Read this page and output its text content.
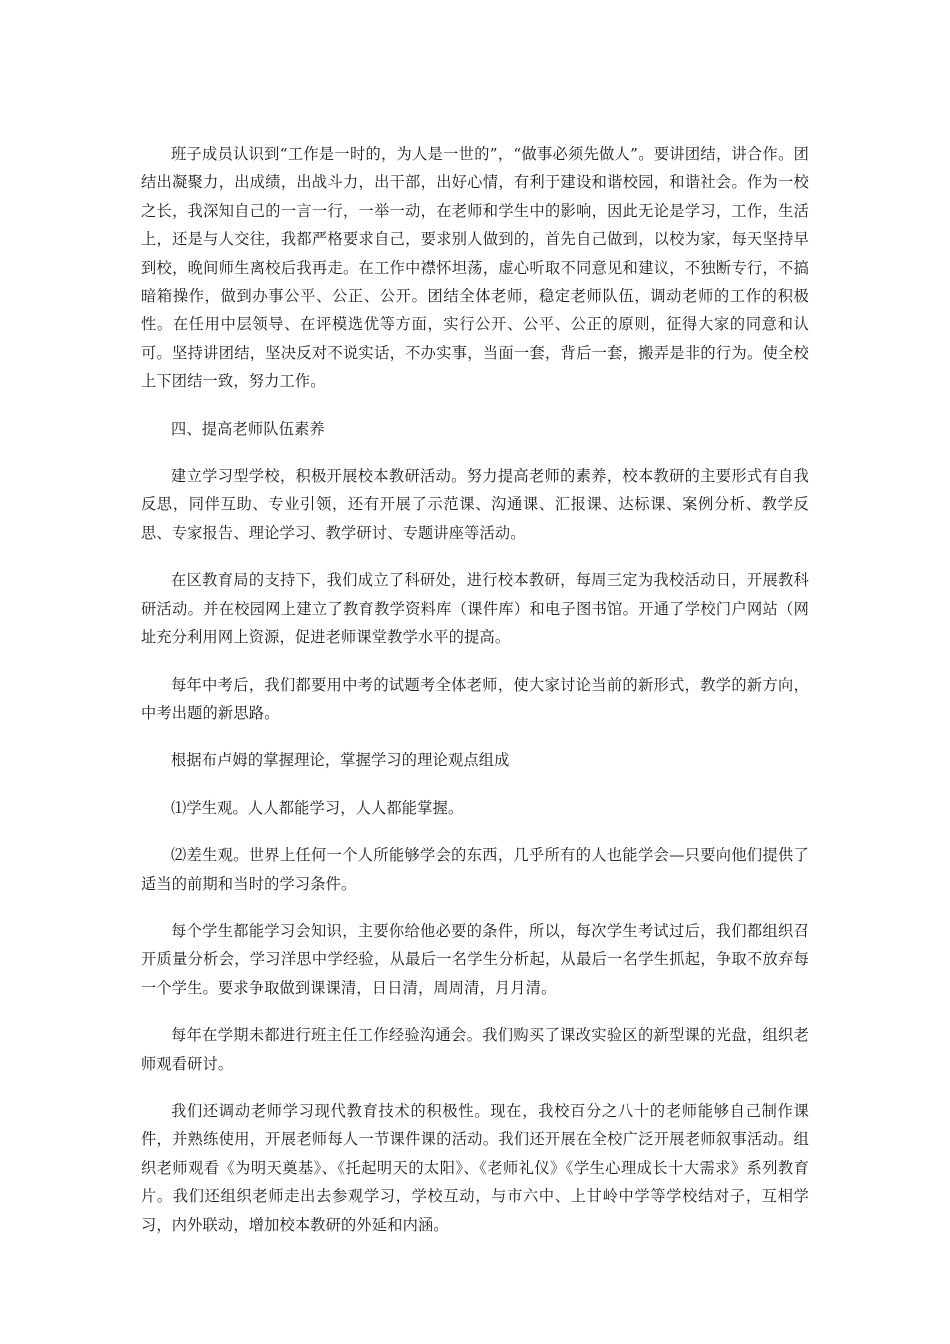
班子成员认识到“工作是一时的，为人是一世的”，“做事必须先做人”。要讲团结，讲合作。团结出凝聚力，出成绩，出战斗力，出干部，出好心情，有利于建设和谐校园，和谐社会。作为一校之长，我深知自己的一言一行，一举一动，在老师和学生中的影响，因此无论是学习，工作，生活上，还是与人交往，我都严格要求自己，要求别人做到的，首先自己做到，以校为家，每天坚持早到校，晚间师生离校后我再走。在工作中襟怀坦荡，虚心听取不同意见和建议，不独断专行，不搞暗箱操作，做到办事公平、公正、公开。团结全体老师，稳定老师队伍，调动老师的工作的积极性。在任用中层领导、在评模选优等方面，实行公开、公平、公正的原则，征得大家的同意和认可。坚持讲团结，坚决反对不说实话，不办实事，当面一套，背后一套，搬弄是非的行为。使全校上下团结一致，努力工作。

四、提高老师队伍素养

建立学习型学校，积极开展校本教研活动。努力提高老师的素养，校本教研的主要形式有自我反思，同伴互助、专业引领，还有开展了示范课、沟通课、汇报课、达标课、案例分析、教学反思、专家报告、理论学习、教学研讨、专题讲座等活动。

在区教育局的支持下，我们成立了科研处，进行校本教研，每周三定为我校活动日，开展教科研活动。并在校园网上建立了教育教学资料库（课件库）和电子图书馆。开通了学校门户网站（网址充分利用网上资源，促进老师课堂教学水平的提高。

每年中考后，我们都要用中考的试题考全体老师，使大家讨论当前的新形式，教学的新方向，中考出题的新思路。

根据布卢姆的掌握理论，掌握学习的理论观点组成

⑴学生观。人人都能学习，人人都能掌握。

⑵差生观。世界上任何一个人所能够学会的东西，几乎所有的人也能学会—只要向他们提供了适当的前期和当时的学习条件。

每个学生都能学习会知识，主要你给他必要的条件，所以，每次学生考试过后，我们都组织召开质量分析会，学习洋思中学经验，从最后一名学生分析起，从最后一名学生抓起，争取不放弃每一个学生。要求争取做到课课清，日日清，周周清，月月清。

每年在学期未都进行班主任工作经验沟通会。我们购买了课改实验区的新型课的光盘，组织老师观看研讨。

我们还调动老师学习现代教育技术的积极性。现在，我校百分之八十的老师能够自己制作课件，并熟练使用，开展老师每人一节课件课的活动。我们还开展在全校广泛开展老师叙事活动。组织老师观看《为明天奠基》、《托起明天的太阳》、《老师礼仪》《学生心理成长十大需求》系列教育片。我们还组织老师走出去参观学习，学校互动，与市六中、上甘岭中学等学校结对子，互相学习，内外联动，增加校本教研的外延和内涵。
